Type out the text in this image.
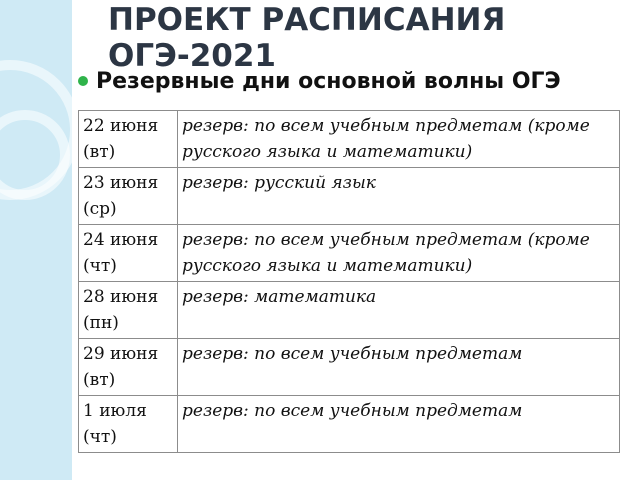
ПРОЕКТ РАСПИСАНИЯ ОГЭ-2021
Резервные дни основной волны ОГЭ
22 июня
(вт)	резерв: по всем учебным предметам (кроме русского языка и математики)

23 июня
(ср)	резерв: русский язык

24 июня
(чт)	резерв: по всем учебным предметам (кроме русского языка и математики)

28 июня
(пн)	резерв: математика

29 июня
(вт)	резерв: по всем учебным предметам

1 июля
(чт)	резерв: по всем учебным предметам
